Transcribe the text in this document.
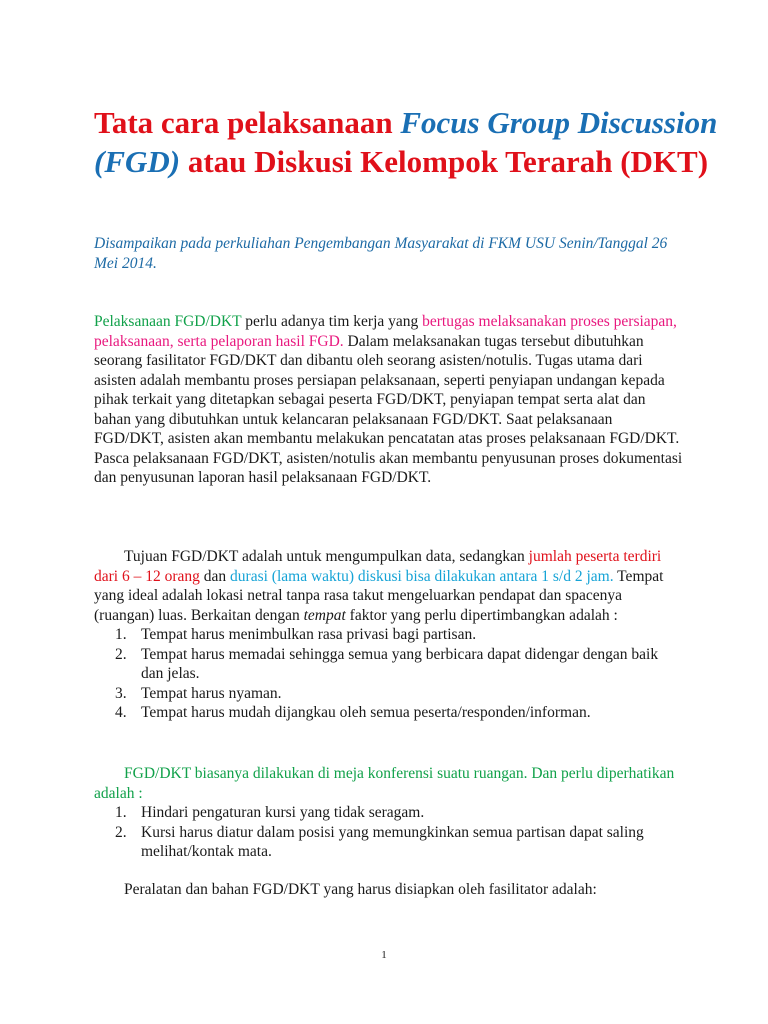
Tata cara pelaksanaan Focus Group Discussion (FGD) atau Diskusi Kelompok Terarah (DKT)

Disampaikan pada perkuliahan Pengembangan Masyarakat di FKM USU Senin/Tanggal 26 Mei 2014.

Pelaksanaan FGD/DKT perlu adanya tim kerja yang bertugas melaksanakan proses persiapan, pelaksanaan, serta pelaporan hasil FGD. Dalam melaksanakan tugas tersebut dibutuhkan seorang fasilitator FGD/DKT dan dibantu oleh seorang asisten/notulis. Tugas utama dari asisten adalah membantu proses persiapan pelaksanaan, seperti penyiapan undangan kepada pihak terkait yang ditetapkan sebagai peserta FGD/DKT, penyiapan tempat serta alat dan bahan yang dibutuhkan untuk kelancaran pelaksanaan FGD/DKT. Saat pelaksanaan FGD/DKT, asisten akan membantu melakukan pencatatan atas proses pelaksanaan FGD/DKT. Pasca pelaksanaan FGD/DKT, asisten/notulis akan membantu penyusunan proses dokumentasi dan penyusunan laporan hasil pelaksanaan FGD/DKT.

Tujuan FGD/DKT adalah untuk mengumpulkan data, sedangkan jumlah peserta terdiri dari 6 – 12 orang dan durasi (lama waktu) diskusi bisa dilakukan antara 1 s/d 2 jam. Tempat yang ideal adalah lokasi netral tanpa rasa takut mengeluarkan pendapat dan spacenya (ruangan) luas. Berkaitan dengan tempat faktor yang perlu dipertimbangkan adalah :

1. Tempat harus menimbulkan rasa privasi bagi partisan.
2. Tempat harus memadai sehingga semua yang berbicara dapat didengar dengan baik dan jelas.
3. Tempat harus nyaman.
4. Tempat harus mudah dijangkau oleh semua peserta/responden/informan.

FGD/DKT biasanya dilakukan di meja konferensi suatu ruangan. Dan perlu diperhatikan adalah :

1. Hindari pengaturan kursi yang tidak seragam.
2. Kursi harus diatur dalam posisi yang memungkinkan semua partisan dapat saling melihat/kontak mata.

Peralatan dan bahan FGD/DKT yang harus disiapkan oleh fasilitator adalah:

1
